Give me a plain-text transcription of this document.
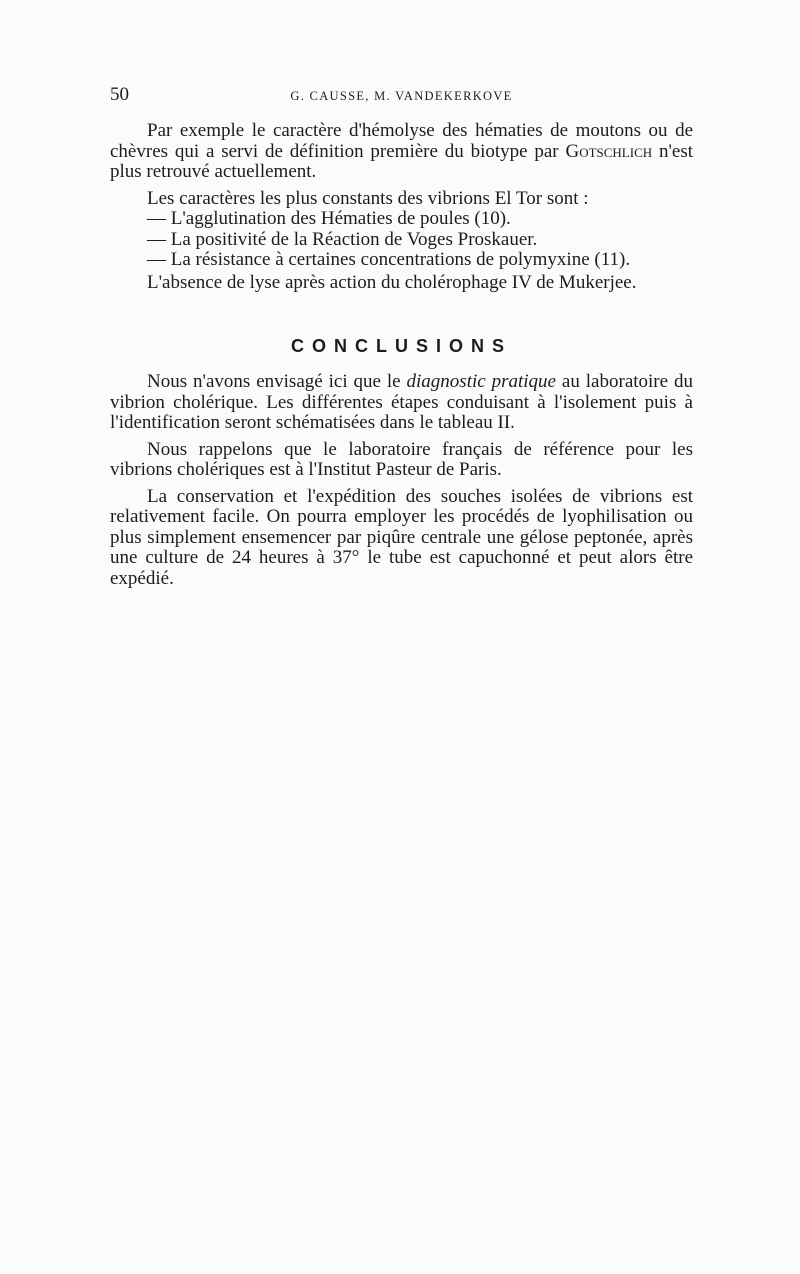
50	G. CAUSSE, M. VANDEKERKOVE

Par exemple le caractère d'hémolyse des hématies de moutons ou de chèvres qui a servi de définition première du biotype par Gotschlich n'est plus retrouvé actuellement.

Les caractères les plus constants des vibrions El Tor sont :

— L'agglutination des Hématies de poules (10).

— La positivité de la Réaction de Voges Proskauer.

— La résistance à certaines concentrations de polymyxine (11).

L'absence de lyse après action du cholérophage IV de Mukerjee.

CONCLUSIONS

Nous n'avons envisagé ici que le diagnostic pratique au laboratoire du vibrion cholérique. Les différentes étapes conduisant à l'isolement puis à l'identification seront schématisées dans le tableau II.

Nous rappelons que le laboratoire français de référence pour les vibrions cholériques est à l'Institut Pasteur de Paris.

La conservation et l'expédition des souches isolées de vibrions est relativement facile. On pourra employer les procédés de lyophilisation ou plus simplement ensemencer par piqûre centrale une gélose peptonée, après une culture de 24 heures à 37° le tube est capuchonné et peut alors être expédié.
